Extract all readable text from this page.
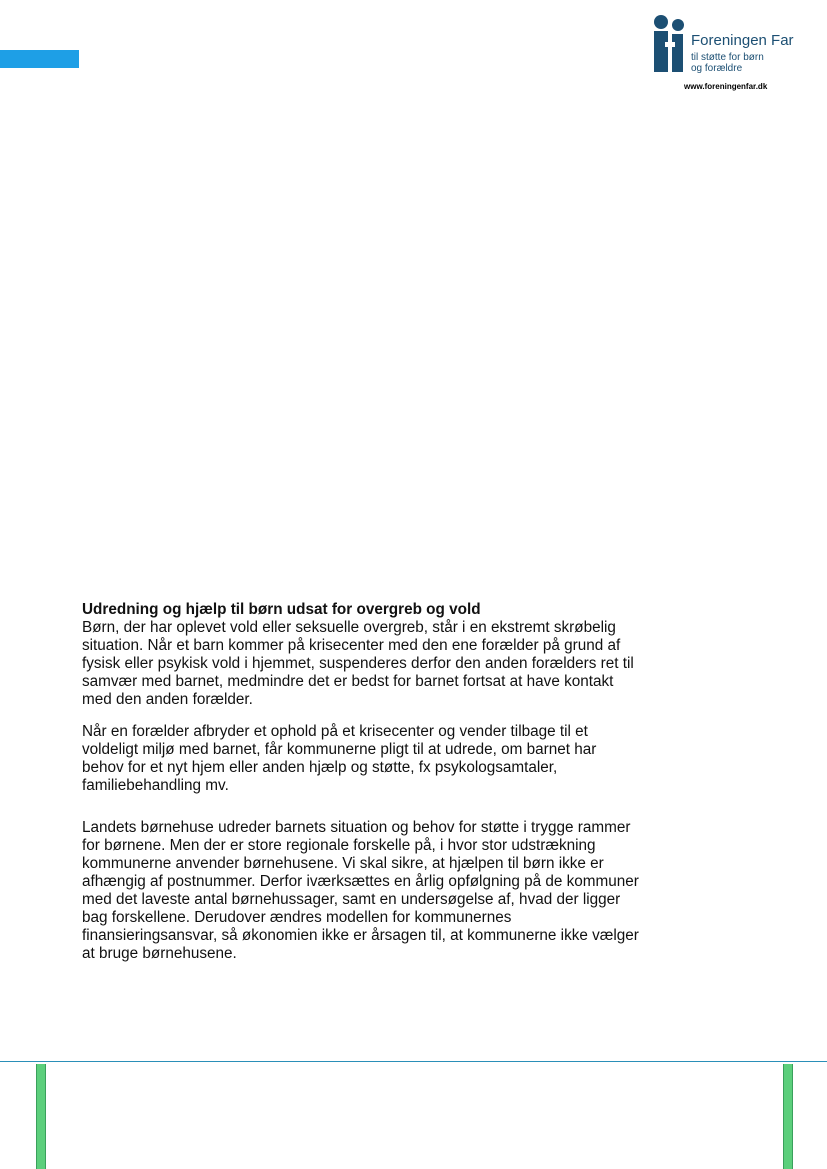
Foreningen Far
til støtte for børn
og forældre
www.foreningenfar.dk
Udredning og hjælp til børn udsat for overgreb og vold

Børn, der har oplevet vold eller seksuelle overgreb, står i en ekstremt skrøbelig situation. Når et barn kommer på krisecenter med den ene forælder på grund af fysisk eller psykisk vold i hjemmet, suspenderes derfor den anden forælders ret til samvær med barnet, medmindre det er bedst for barnet fortsat at have kontakt med den anden forælder.

Når en forælder afbryder et ophold på et krisecenter og vender tilbage til et voldeligt miljø med barnet, får kommunerne pligt til at udrede, om barnet har behov for et nyt hjem eller anden hjælp og støtte, fx psykologsamtaler, familiebehandling mv.

Landets børnehuse udreder barnets situation og behov for støtte i trygge rammer for børnene. Men der er store regionale forskelle på, i hvor stor udstrækning kommunerne anvender børnehusene. Vi skal sikre, at hjælpen til børn ikke er afhængig af postnummer. Derfor iværksættes en årlig opfølgning på de kommuner med det laveste antal børnehussager, samt en undersøgelse af, hvad der ligger bag forskellene. Derudover ændres modellen for kommunernes finansieringsansvar, så økonomien ikke er årsagen til, at kommunerne ikke vælger at bruge børnehusene.
